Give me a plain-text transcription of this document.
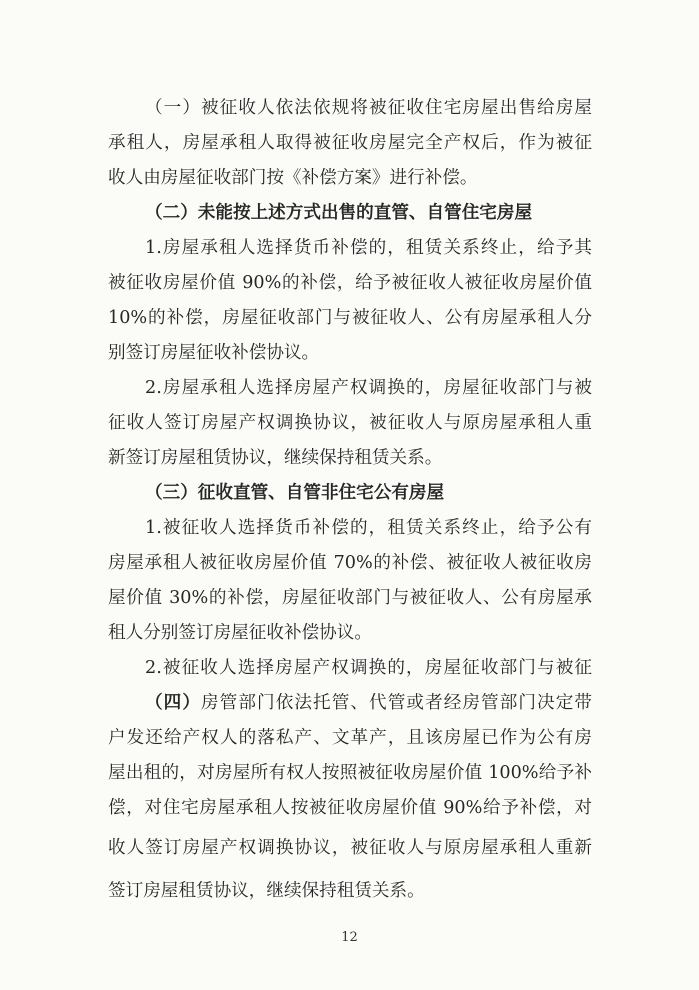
（一）被征收人依法依规将被征收住宅房屋出售给房屋
承租人，房屋承租人取得被征收房屋完全产权后，作为被征
收人由房屋征收部门按《补偿方案》进行补偿。
（二）未能按上述方式出售的直管、自管住宅房屋
1.房屋承租人选择货币补偿的，租赁关系终止，给予其
被征收房屋价值 90%的补偿，给予被征收人被征收房屋价值
10%的补偿，房屋征收部门与被征收人、公有房屋承租人分
别签订房屋征收补偿协议。
2.房屋承租人选择房屋产权调换的，房屋征收部门与被
征收人签订房屋产权调换协议，被征收人与原房屋承租人重
新签订房屋租赁协议，继续保持租赁关系。
（三）征收直管、自管非住宅公有房屋
1.被征收人选择货币补偿的，租赁关系终止，给予公有
房屋承租人被征收房屋价值 70%的补偿、被征收人被征收房
屋价值 30%的补偿，房屋征收部门与被征收人、公有房屋承
租人分别签订房屋征收补偿协议。
2.被征收人选择房屋产权调换的，房屋征收部门与被征
收人签订房屋产权调换协议，被征收人与原房屋承租人重新
签订房屋租赁协议，继续保持租赁关系。
（四）房管部门依法托管、代管或者经房管部门决定带
户发还给产权人的落私产、文革产，且该房屋已作为公有房
屋出租的，对房屋所有权人按照被征收房屋价值 100%给予补
偿，对住宅房屋承租人按被征收房屋价值 90%给予补偿，对
12
